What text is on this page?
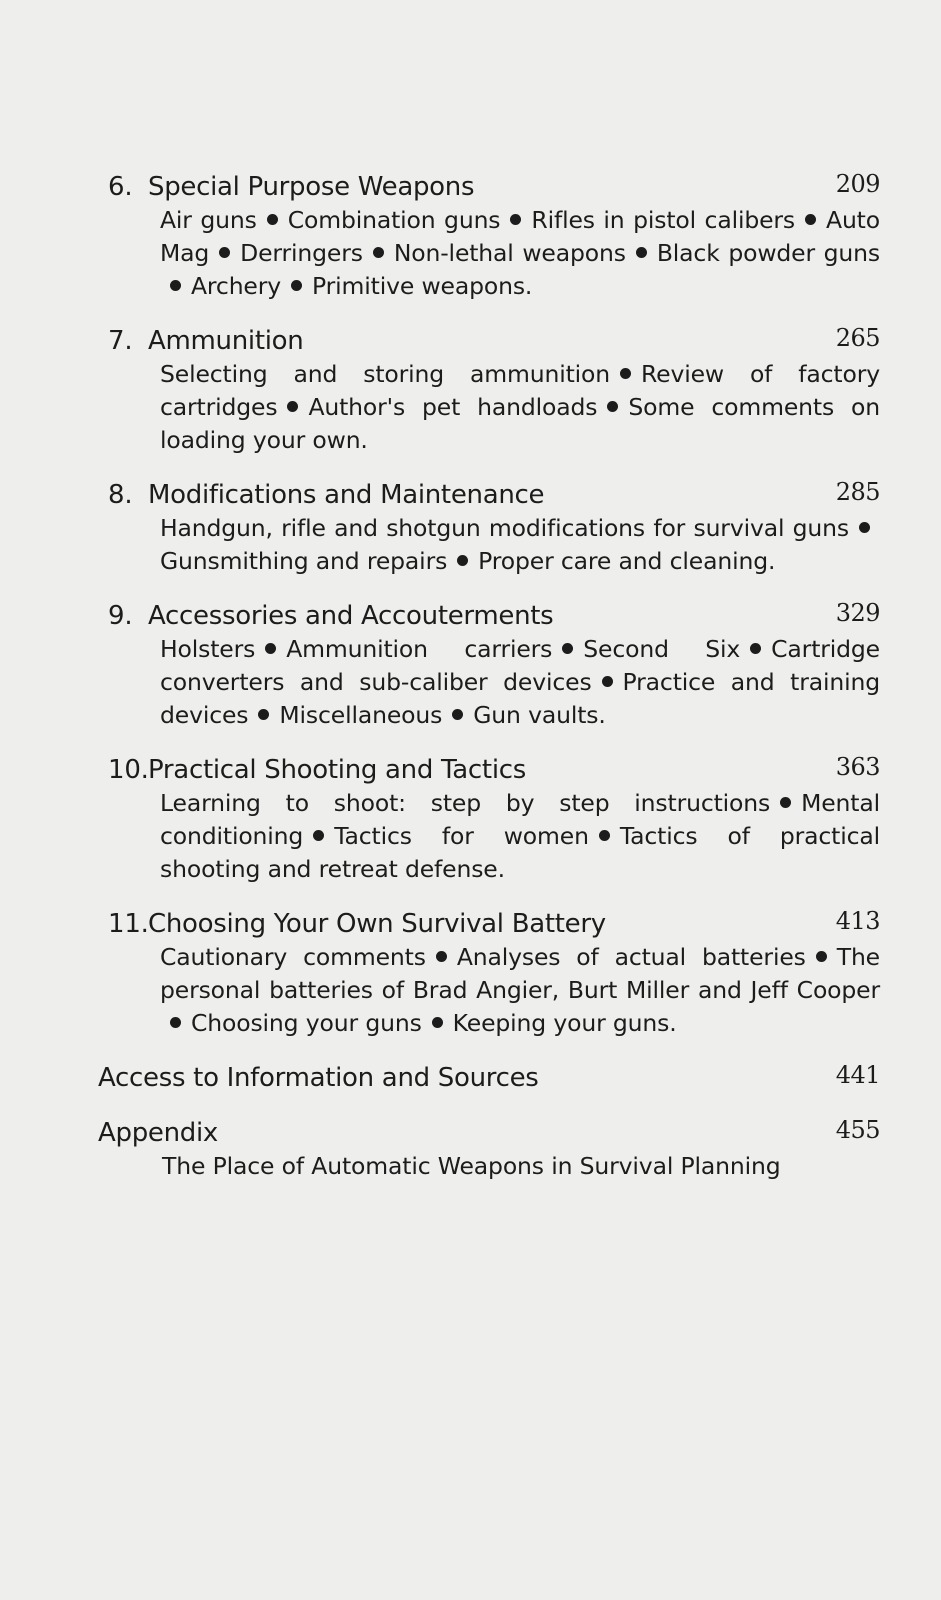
6. Special Purpose Weapons	209
Air guns Combination guns Rifles in pistol calibers Auto Mag Derringers Non-lethal weapons Black powder gunsArchery Primitive weapons.
7. Ammunition	265
Selecting and storing ammunition Review of factory cartridges Author's pet handloads Some comments on loading your own.
8. Modifications and Maintenance	285
Handgun, rifle and shotgun modifications for survival gunsGunsmithing and repairs Proper care and cleaning.
9. Accessories and Accouterments	329
Holsters Ammunition carriers Second Six Cartridge converters and sub-caliber devices Practice and training devices Miscellaneous Gun vaults.
10. Practical Shooting and Tactics	363
Learning to shoot: step by step instructions Mental conditioning Tactics for women Tactics of practical shooting and retreat defense.
11. Choosing Your Own Survival Battery	413
Cautionary comments Analyses of actual batteries The personal batteries of Brad Angier, Burt Miller and Jeff CooperChoosing your guns Keeping your guns.
Access to Information and Sources	441
Appendix	455
The Place of Automatic Weapons in Survival Planning
